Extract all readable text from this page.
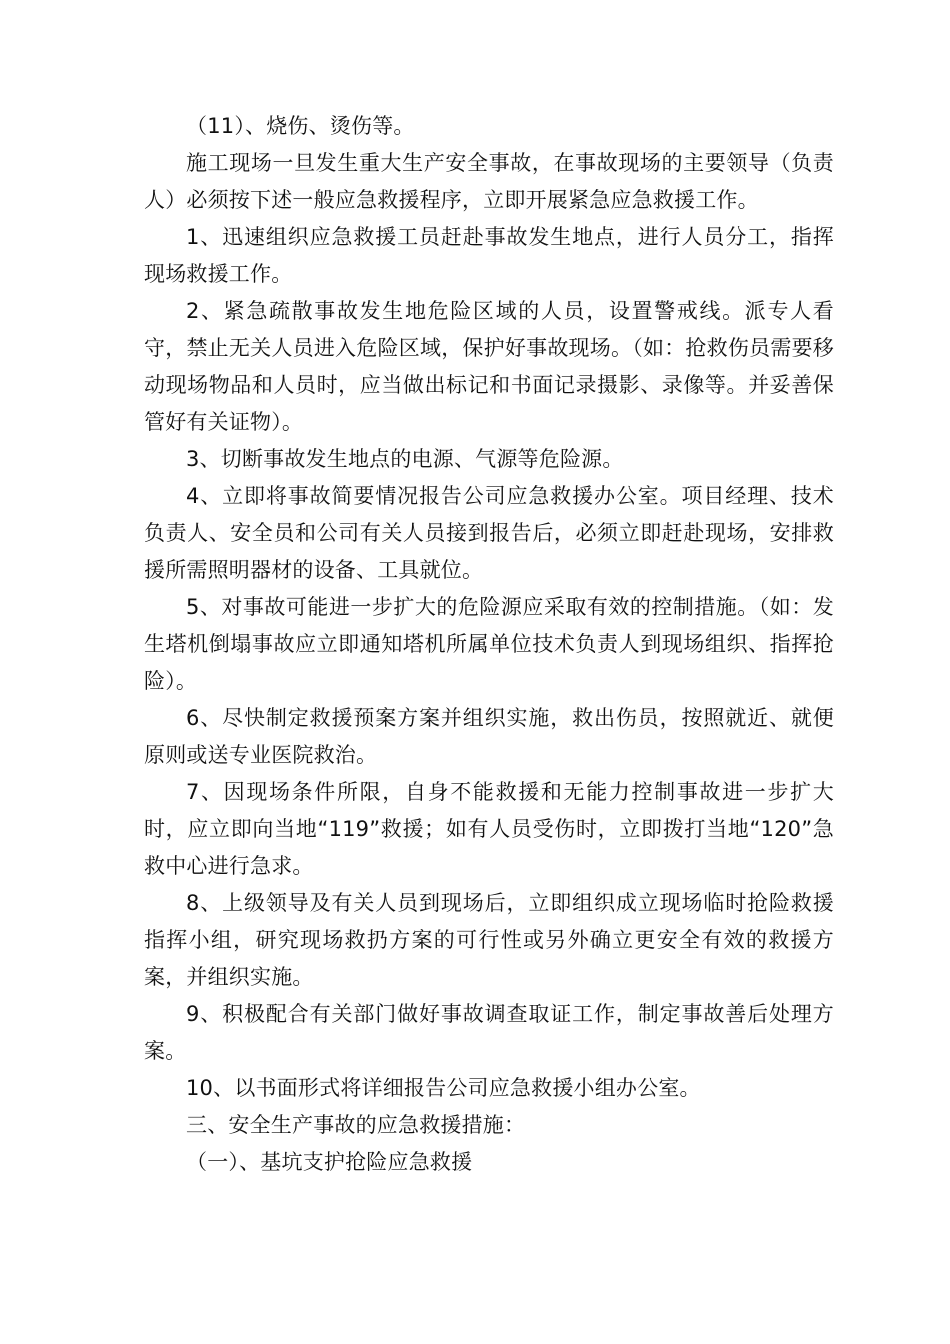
（11）、烧伤、烫伤等。

施工现场一旦发生重大生产安全事故，在事故现场的主要领导（负责人）必须按下述一般应急救援程序，立即开展紧急应急救援工作。

1、迅速组织应急救援工员赶赴事故发生地点，进行人员分工，指挥现场救援工作。

2、紧急疏散事故发生地危险区域的人员，设置警戒线。派专人看守，禁止无关人员进入危险区域，保护好事故现场。（如：抢救伤员需要移动现场物品和人员时，应当做出标记和书面记录摄影、录像等。并妥善保管好有关证物）。

3、切断事故发生地点的电源、气源等危险源。

4、立即将事故简要情况报告公司应急救援办公室。项目经理、技术负责人、安全员和公司有关人员接到报告后，必须立即赶赴现场，安排救援所需照明器材的设备、工具就位。

5、对事故可能进一步扩大的危险源应采取有效的控制措施。（如：发生塔机倒塌事故应立即通知塔机所属单位技术负责人到现场组织、指挥抢险）。

6、尽快制定救援预案方案并组织实施，救出伤员，按照就近、就便原则或送专业医院救治。

7、因现场条件所限，自身不能救援和无能力控制事故进一步扩大时，应立即向当地“119”救援；如有人员受伤时，立即拨打当地“120”急救中心进行急求。

8、上级领导及有关人员到现场后，立即组织成立现场临时抢险救援指挥小组，研究现场救扔方案的可行性或另外确立更安全有效的救援方案，并组织实施。

9、积极配合有关部门做好事故调查取证工作，制定事故善后处理方案。

10、以书面形式将详细报告公司应急救援小组办公室。

三、安全生产事故的应急救援措施：

（一）、基坑支护抢险应急救援
